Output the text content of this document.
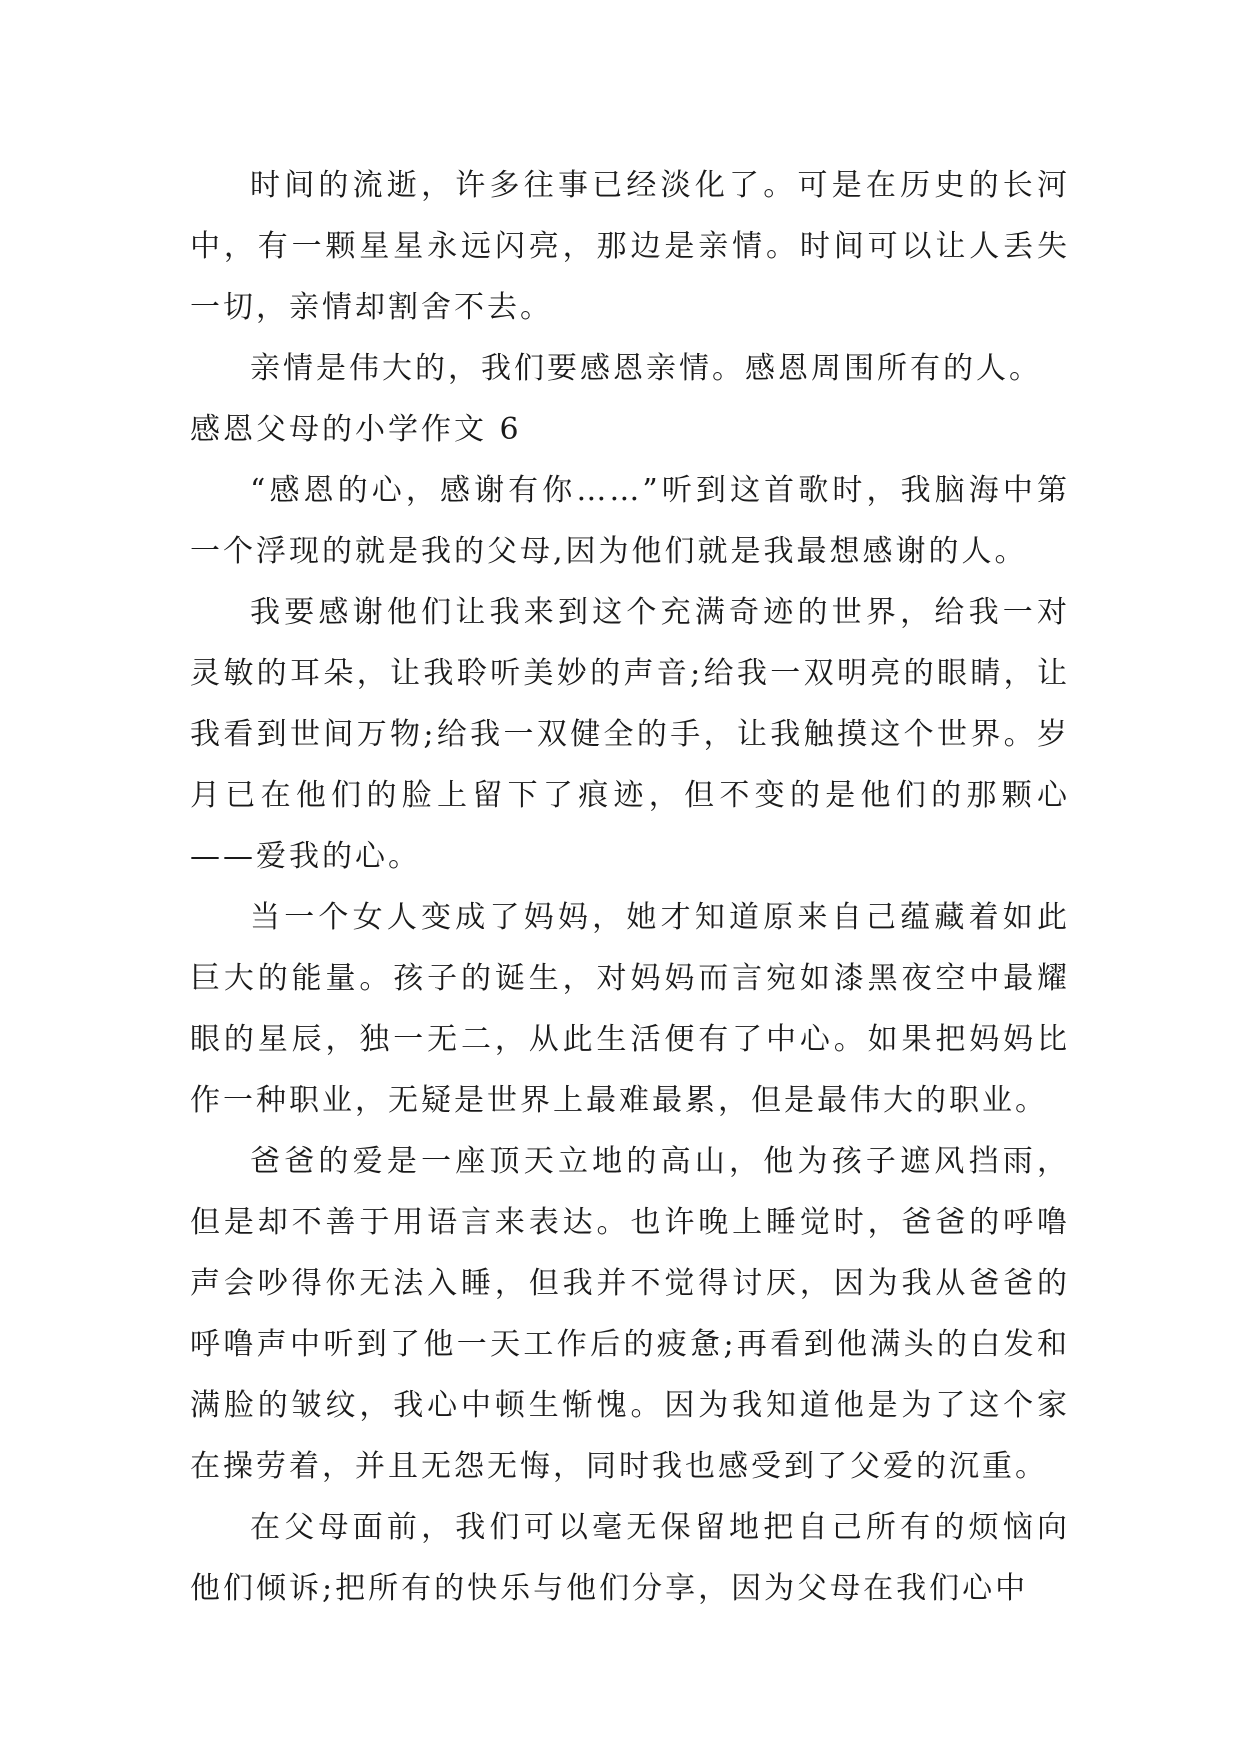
时间的流逝，许多往事已经淡化了。可是在历史的长河中，有一颗星星永远闪亮，那边是亲情。时间可以让人丢失一切，亲情却割舍不去。

亲情是伟大的，我们要感恩亲情。感恩周围所有的人。

感恩父母的小学作文 6

“感恩的心，感谢有你……”听到这首歌时，我脑海中第一个浮现的就是我的父母,因为他们就是我最想感谢的人。

我要感谢他们让我来到这个充满奇迹的世界，给我一对灵敏的耳朵，让我聆听美妙的声音;给我一双明亮的眼睛，让我看到世间万物;给我一双健全的手，让我触摸这个世界。岁月已在他们的脸上留下了痕迹，但不变的是他们的那颗心——爱我的心。

当一个女人变成了妈妈，她才知道原来自己蕴藏着如此巨大的能量。孩子的诞生，对妈妈而言宛如漆黑夜空中最耀眼的星辰，独一无二，从此生活便有了中心。如果把妈妈比作一种职业，无疑是世界上最难最累，但是最伟大的职业。

爸爸的爱是一座顶天立地的高山，他为孩子遮风挡雨，但是却不善于用语言来表达。也许晚上睡觉时，爸爸的呼噜声会吵得你无法入睡，但我并不觉得讨厌，因为我从爸爸的呼噜声中听到了他一天工作后的疲惫;再看到他满头的白发和满脸的皱纹，我心中顿生惭愧。因为我知道他是为了这个家在操劳着，并且无怨无悔，同时我也感受到了父爱的沉重。

在父母面前，我们可以毫无保留地把自己所有的烦恼向他们倾诉;把所有的快乐与他们分享，因为父母在我们心中
